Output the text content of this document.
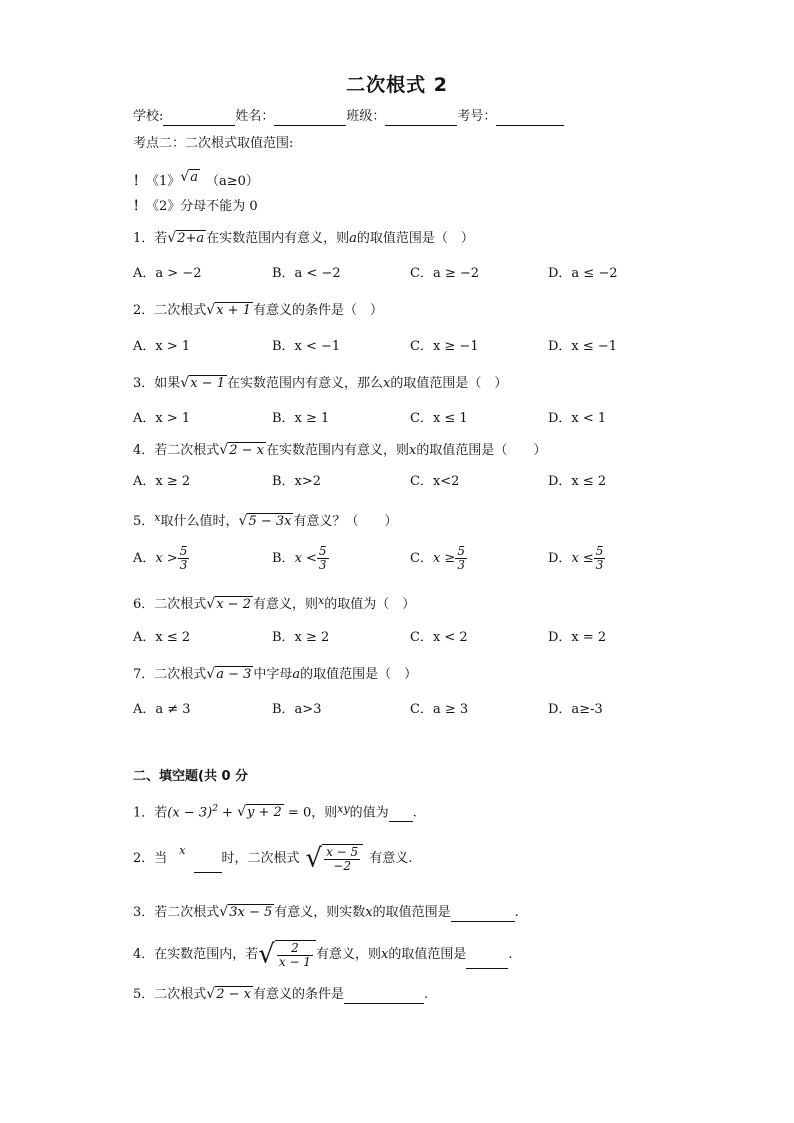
二次根式 2
学校:	姓名：	班级：	考号：
考点二：二次根式取值范围:
！《1》√a （a≥0）
！《2》分母不能为 0
1．若√2+a 在实数范围内有意义，则a的取值范围是（　）
A．a > −2	B．a < −2	C．a ≥ −2	D．a ≤ −2
2．二次根式√x + 1 有意义的条件是（　）
A．x > 1	B．x < −1	C．x ≥ −1	D．x ≤ −1
3．如果√x − 1 在实数范围内有意义，那么x的取值范围是（　）
A．x > 1	B．x ≥ 1	C．x ≤ 1	D．x < 1
4．若二次根式√2 − x 在实数范围内有意义，则x的取值范围是（　　）
A．x ≥ 2	B．x>2	C．x<2	D．x ≤ 2
5．$^x$取什么值时，√5 − 3x 有意义？（　　）
A．$x > \frac{5}{3}$	B．$x < \frac{5}{3}$	C．$x \ge \frac{5}{3}$	D．$x \le \frac{5}{3}$
6．二次根式√x − 2 有意义，则$^x$的取值为（　）
A．x ≤ 2	B．x ≥ 2	C．x < 2	D．x = 2
7．二次根式√a − 3 中字母a的取值范围是（　）
A．a ≠ 3	B．a>3	C．a ≥ 3	D．a≥-3
二、填空题(共 0 分
1．若$(x - 3)^2 + √y + 2 = 0$，则$^{xy}$的值为 .
2．当$^x$时，二次根式 √ $\frac{x - 5}{-2}$ 有意义.
3．若二次根式√3x − 5 有意义，则实数x的取值范围是	.
4．在实数范围内，若√ $\frac{2}{x - 1}$ 有意义，则x的取值范围是	.
5．二次根式√2 − x 有意义的条件是	.
